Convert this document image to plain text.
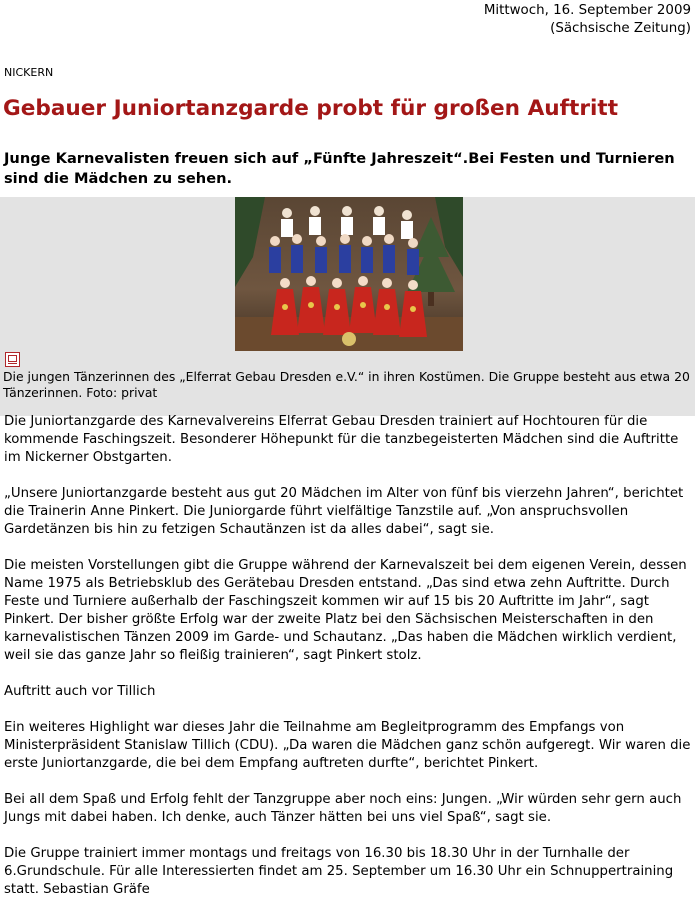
Mittwoch, 16. September 2009
(Sächsische Zeitung)
NICKERN
Gebauer Juniortanzgarde probt für großen Auftritt
Junge Karnevalisten freuen sich auf „Fünfte Jahreszeit“.Bei Festen und Turnieren sind die Mädchen zu sehen.
Die jungen Tänzerinnen des „Elferrat Gebau Dresden e.V.“ in ihren Kostümen. Die Gruppe besteht aus etwa 20 Tänzerinnen. Foto: privat

Die Juniortanzgarde des Karnevalvereins Elferrat Gebau Dresden trainiert auf Hochtouren für die kommende Faschingszeit. Besonderer Höhepunkt für die tanzbegeisterten Mädchen sind die Auftritte im Nickerner Obstgarten.

„Unsere Juniortanzgarde besteht aus gut 20 Mädchen im Alter von fünf bis vierzehn Jahren“, berichtet die Trainerin Anne Pinkert. Die Juniorgarde führt vielfältige Tanzstile auf. „Von anspruchsvollen Gardetänzen bis hin zu fetzigen Schautänzen ist da alles dabei“, sagt sie.

Die meisten Vorstellungen gibt die Gruppe während der Karnevalszeit bei dem eigenen Verein, dessen Name 1975 als Betriebsklub des Gerätebau Dresden entstand. „Das sind etwa zehn Auftritte. Durch Feste und Turniere außerhalb der Faschingszeit kommen wir auf 15 bis 20 Auftritte im Jahr“, sagt Pinkert. Der bisher größte Erfolg war der zweite Platz bei den Sächsischen Meisterschaften in den karnevalistischen Tänzen 2009 im Garde- und Schautanz. „Das haben die Mädchen wirklich verdient, weil sie das ganze Jahr so fleißig trainieren“, sagt Pinkert stolz.

Auftritt auch vor Tillich

Ein weiteres Highlight war dieses Jahr die Teilnahme am Begleitprogramm des Empfangs von Ministerpräsident Stanislaw Tillich (CDU). „Da waren die Mädchen ganz schön aufgeregt. Wir waren die erste Juniortanzgarde, die bei dem Empfang auftreten durfte“, berichtet Pinkert.

Bei all dem Spaß und Erfolg fehlt der Tanzgruppe aber noch eins: Jungen. „Wir würden sehr gern auch Jungs mit dabei haben. Ich denke, auch Tänzer hätten bei uns viel Spaß“, sagt sie.

Die Gruppe trainiert immer montags und freitags von 16.30 bis 18.30 Uhr in der Turnhalle der 6.Grundschule. Für alle Interessierten findet am 25. September um 16.30 Uhr ein Schnuppertraining statt. Sebastian Gräfe
